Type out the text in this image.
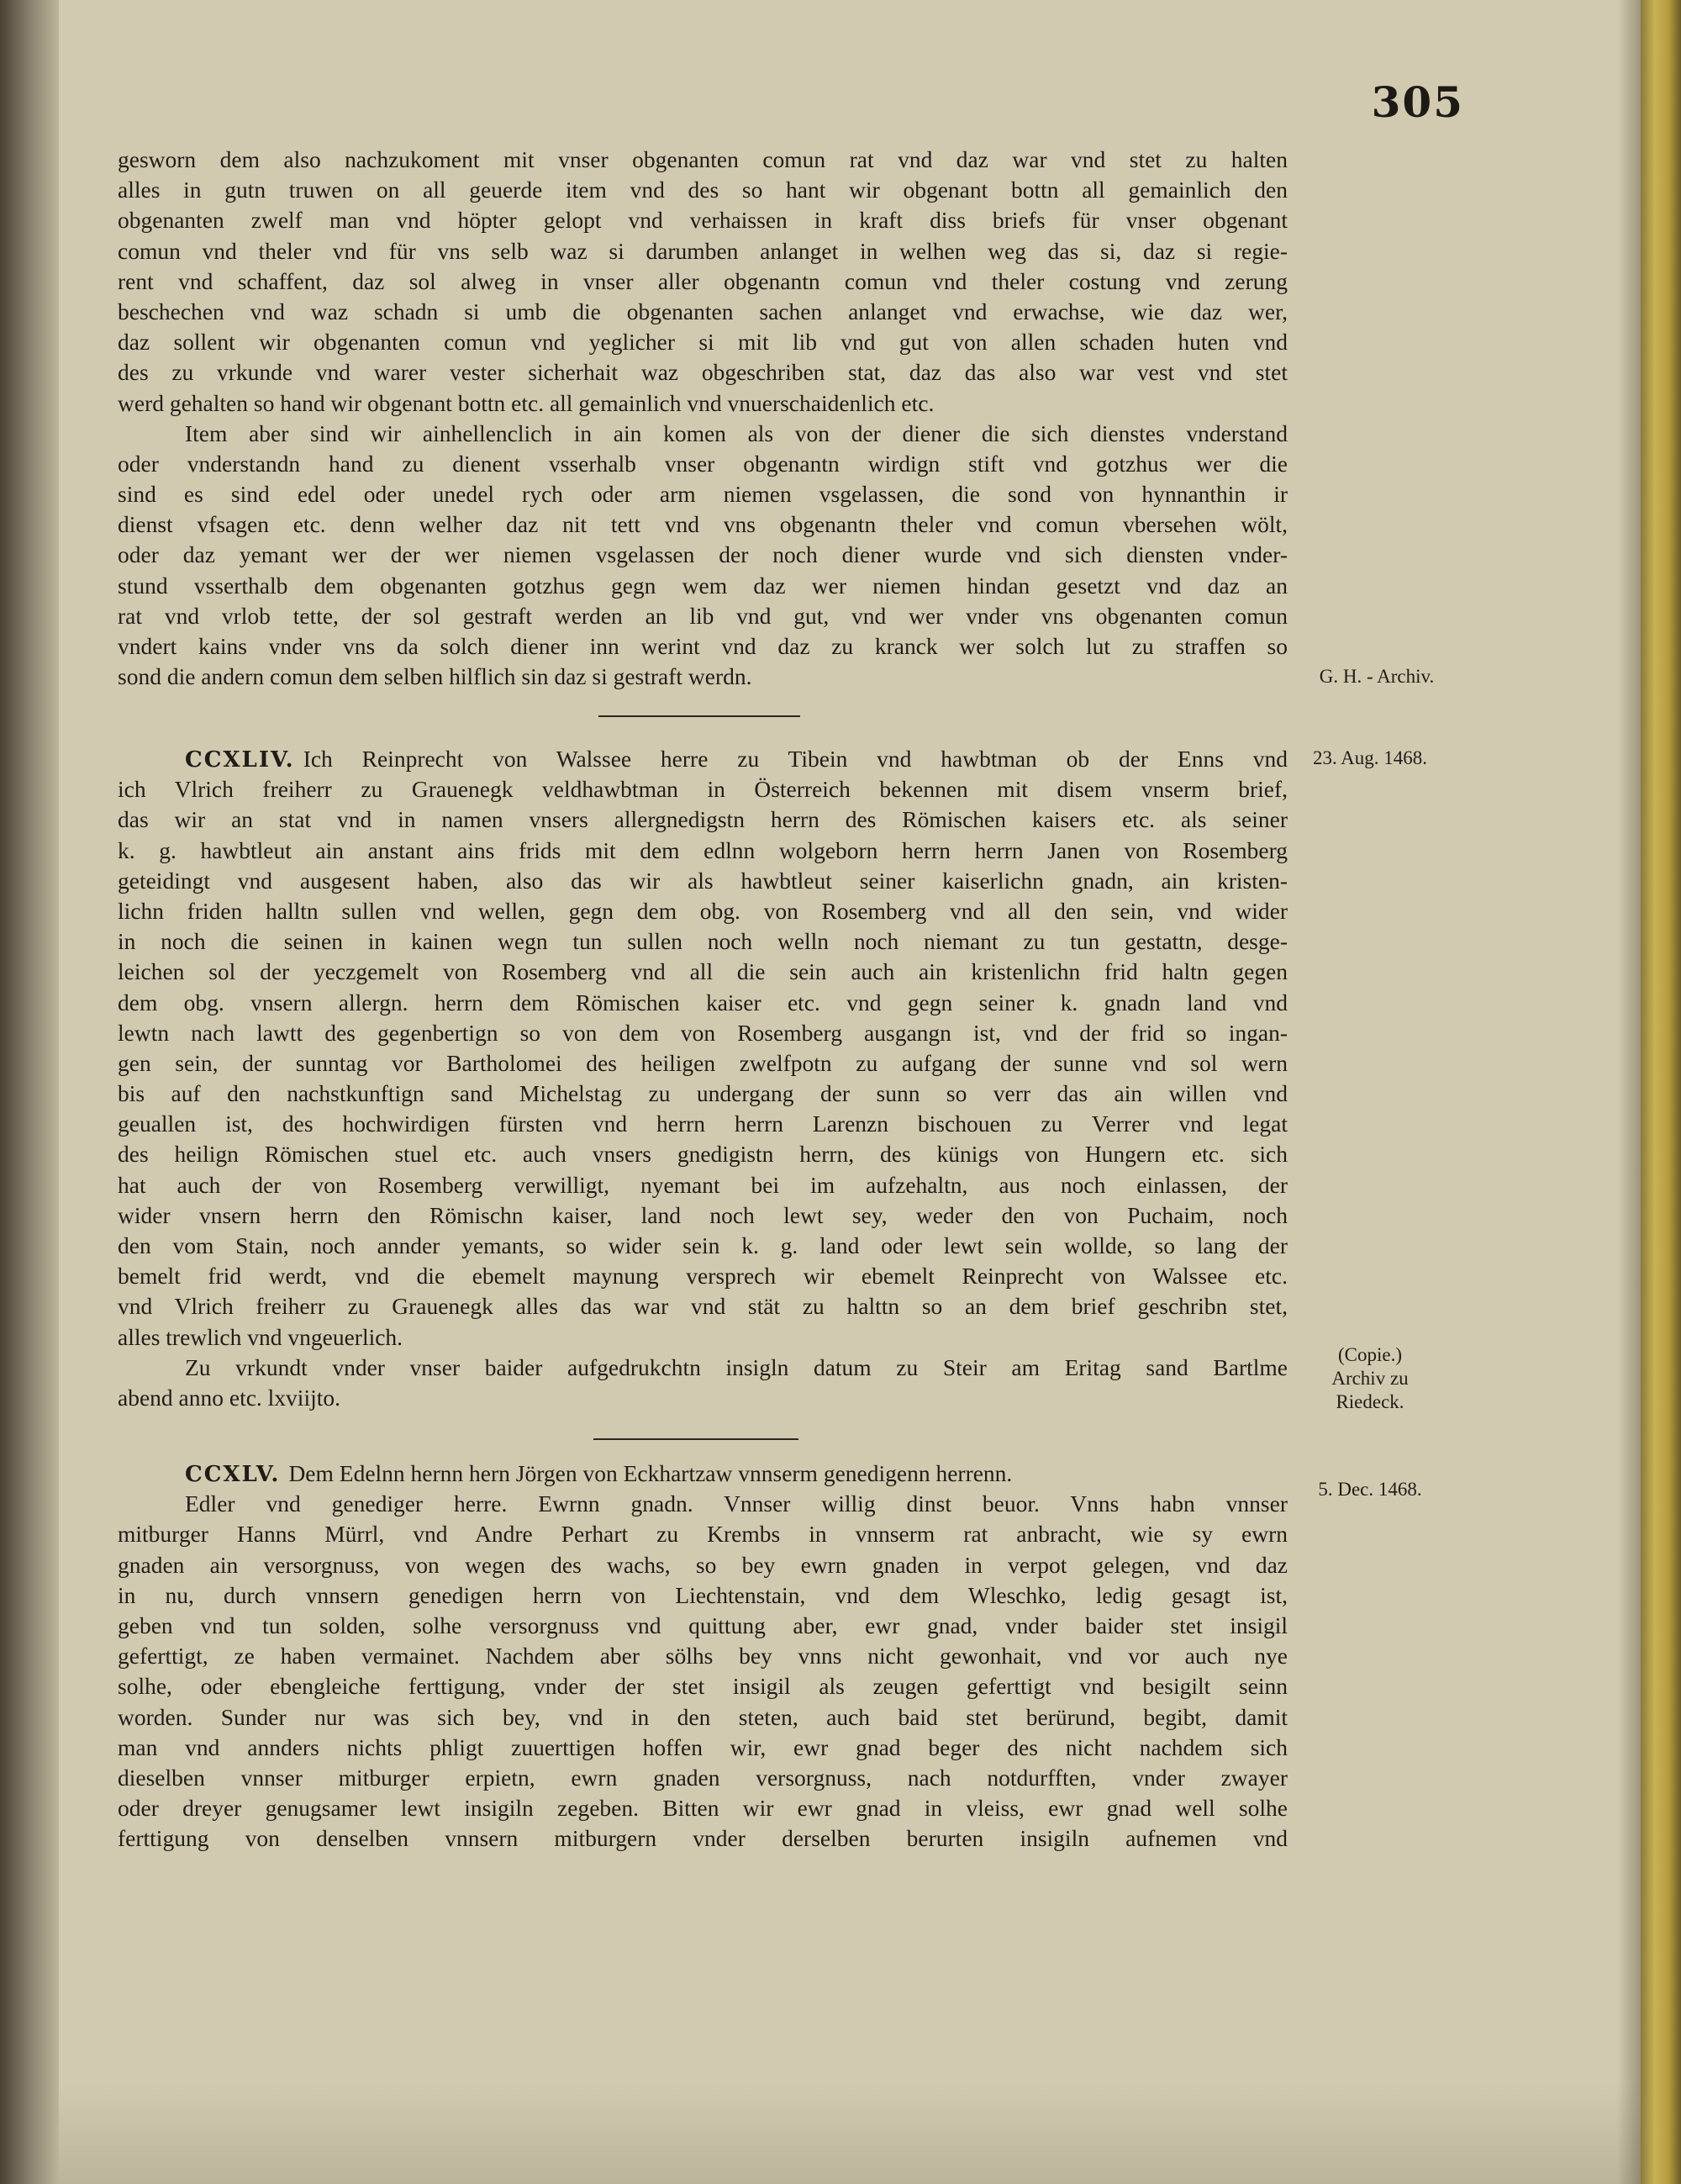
305
gesworn dem also nachzukoment mit vnser obgenanten comun rat vnd daz war vnd stet zu halten
alles in gutn truwen on all geuerde item vnd des so hant wir obgenant bottn all gemainlich den
obgenanten zwelf man vnd höpter gelopt vnd verhaissen in kraft diss briefs für vnser obgenant
comun vnd theler vnd für vns selb waz si darumben anlanget in welhen weg das si, daz si regie-
rent vnd schaffent, daz sol alweg in vnser aller obgenantn comun vnd theler costung vnd zerung
beschechen vnd waz schadn si umb die obgenanten sachen anlanget vnd erwachse, wie daz wer,
daz sollent wir obgenanten comun vnd yeglicher si mit lib vnd gut von allen schaden huten vnd
des zu vrkunde vnd warer vester sicherhait waz obgeschriben stat, daz das also war vest vnd stet
werd gehalten so hand wir obgenant bottn etc. all gemainlich vnd vnuerschaidenlich etc.
Item aber sind wir ainhellenclich in ain komen als von der diener die sich dienstes vnderstand
oder vnderstandn hand zu dienent vsserhalb vnser obgenantn wirdign stift vnd gotzhus wer die
sind es sind edel oder unedel rych oder arm niemen vsgelassen, die sond von hynnanthin ir
dienst vfsagen etc. denn welher daz nit tett vnd vns obgenantn theler vnd comun vbersehen wölt,
oder daz yemant wer der wer niemen vsgelassen der noch diener wurde vnd sich diensten vnder-
stund vsserthalb dem obgenanten gotzhus gegn wem daz wer niemen hindan gesetzt vnd daz an
rat vnd vrlob tette, der sol gestraft werden an lib vnd gut, vnd wer vnder vns obgenanten comun
vndert kains vnder vns da solch diener inn werint vnd daz zu kranck wer solch lut zu straffen so
sond die andern comun dem selben hilflich sin daz si gestraft werdn.	G. H. - Archiv.
CCXLIV. Ich Reinprecht von Walssee herre zu Tibein vnd hawbtman ob der Enns vnd
ich Vlrich freiherr zu Grauenegk veldhawbtman in Österreich bekennen mit disem vnserm brief,
das wir an stat vnd in namen vnsers allergnedigstn herrn des Römischen kaisers etc. als seiner
k. g. hawbtleut ain anstant ains frids mit dem edlnn wolgeborn herrn herrn Janen von Rosemberg
geteidingt vnd ausgesent haben, also das wir als hawbtleut seiner kaiserlichn gnadn, ain kristen-
lichn friden halltn sullen vnd wellen, gegn dem obg. von Rosemberg vnd all den sein, vnd wider
in noch die seinen in kainen wegn tun sullen noch welln noch niemant zu tun gestattn, desge-
leichen sol der yeczgemelt von Rosemberg vnd all die sein auch ain kristenlichn frid haltn gegen
dem obg. vnsern allergn. herrn dem Römischen kaiser etc. vnd gegn seiner k. gnadn land vnd
lewtn nach lawtt des gegenbertign so von dem von Rosemberg ausgangn ist, vnd der frid so ingan-
gen sein, der sunntag vor Bartholomei des heiligen zwelfpotn zu aufgang der sunne vnd sol wern
bis auf den nachstkunftign sand Michelstag zu undergang der sunn so verr das ain willen vnd
geuallen ist, des hochwirdigen fürsten vnd herrn herrn Larenzn bischouen zu Verrer vnd legat
des heilign Römischen stuel etc. auch vnsers gnedigistn herrn, des künigs von Hungern etc. sich
hat auch der von Rosemberg verwilligt, nyemant bei im aufzehaltn, aus noch einlassen, der
wider vnsern herrn den Römischn kaiser, land noch lewt sey, weder den von Puchaim, noch
den vom Stain, noch annder yemants, so wider sein k. g. land oder lewt sein wollde, so lang der
bemelt frid werdt, vnd die ebemelt maynung versprech wir ebemelt Reinprecht von Walssee etc.
vnd Vlrich freiherr zu Grauenegk alles das war vnd stät zu halttn so an dem brief geschribn stet,
alles trewlich vnd vngeuerlich.
Zu vrkundt vnder vnser baider aufgedrukchtn insigln datum zu Steir am Eritag sand Bartlme
abend anno etc. lxviijto.
23. Aug. 1468.
(Copie.)
Archiv zu
Riedeck.
CCXLV. Dem Edelnn hernn hern Jörgen von Eckhartzaw vnnserm genedigenn herrenn.
Edler vnd genediger herre. Ewrnn gnadn. Vnnser willig dinst beuor. Vnns habn vnnser
mitburger Hanns Mürrl, vnd Andre Perhart zu Krembs in vnnserm rat anbracht, wie sy ewrn
gnaden ain versorgnuss, von wegen des wachs, so bey ewrn gnaden in verpot gelegen, vnd daz
in nu, durch vnnsern genedigen herrn von Liechtenstain, vnd dem Wleschko, ledig gesagt ist,
geben vnd tun solden, solhe versorgnuss vnd quittung aber, ewr gnad, vnder baider stet insigil
geferttigt, ze haben vermainet. Nachdem aber sölhs bey vnns nicht gewonhait, vnd vor auch nye
solhe, oder ebengleiche ferttigung, vnder der stet insigil als zeugen geferttigt vnd besigilt seinn
worden. Sunder nur was sich bey, vnd in den steten, auch baid stet berürund, begibt, damit
man vnd annders nichts phligt zuuerttigen hoffen wir, ewr gnad beger des nicht nachdem sich
dieselben vnnser mitburger erpietn, ewrn gnaden versorgnuss, nach notdurfften, vnder zwayer
oder dreyer genugsamer lewt insigiln zegeben. Bitten wir ewr gnad in vleiss, ewr gnad well solhe
ferttigung von denselben vnnsern mitburgern vnder derselben berurten insigiln aufnemen vnd
5. Dec. 1468.
